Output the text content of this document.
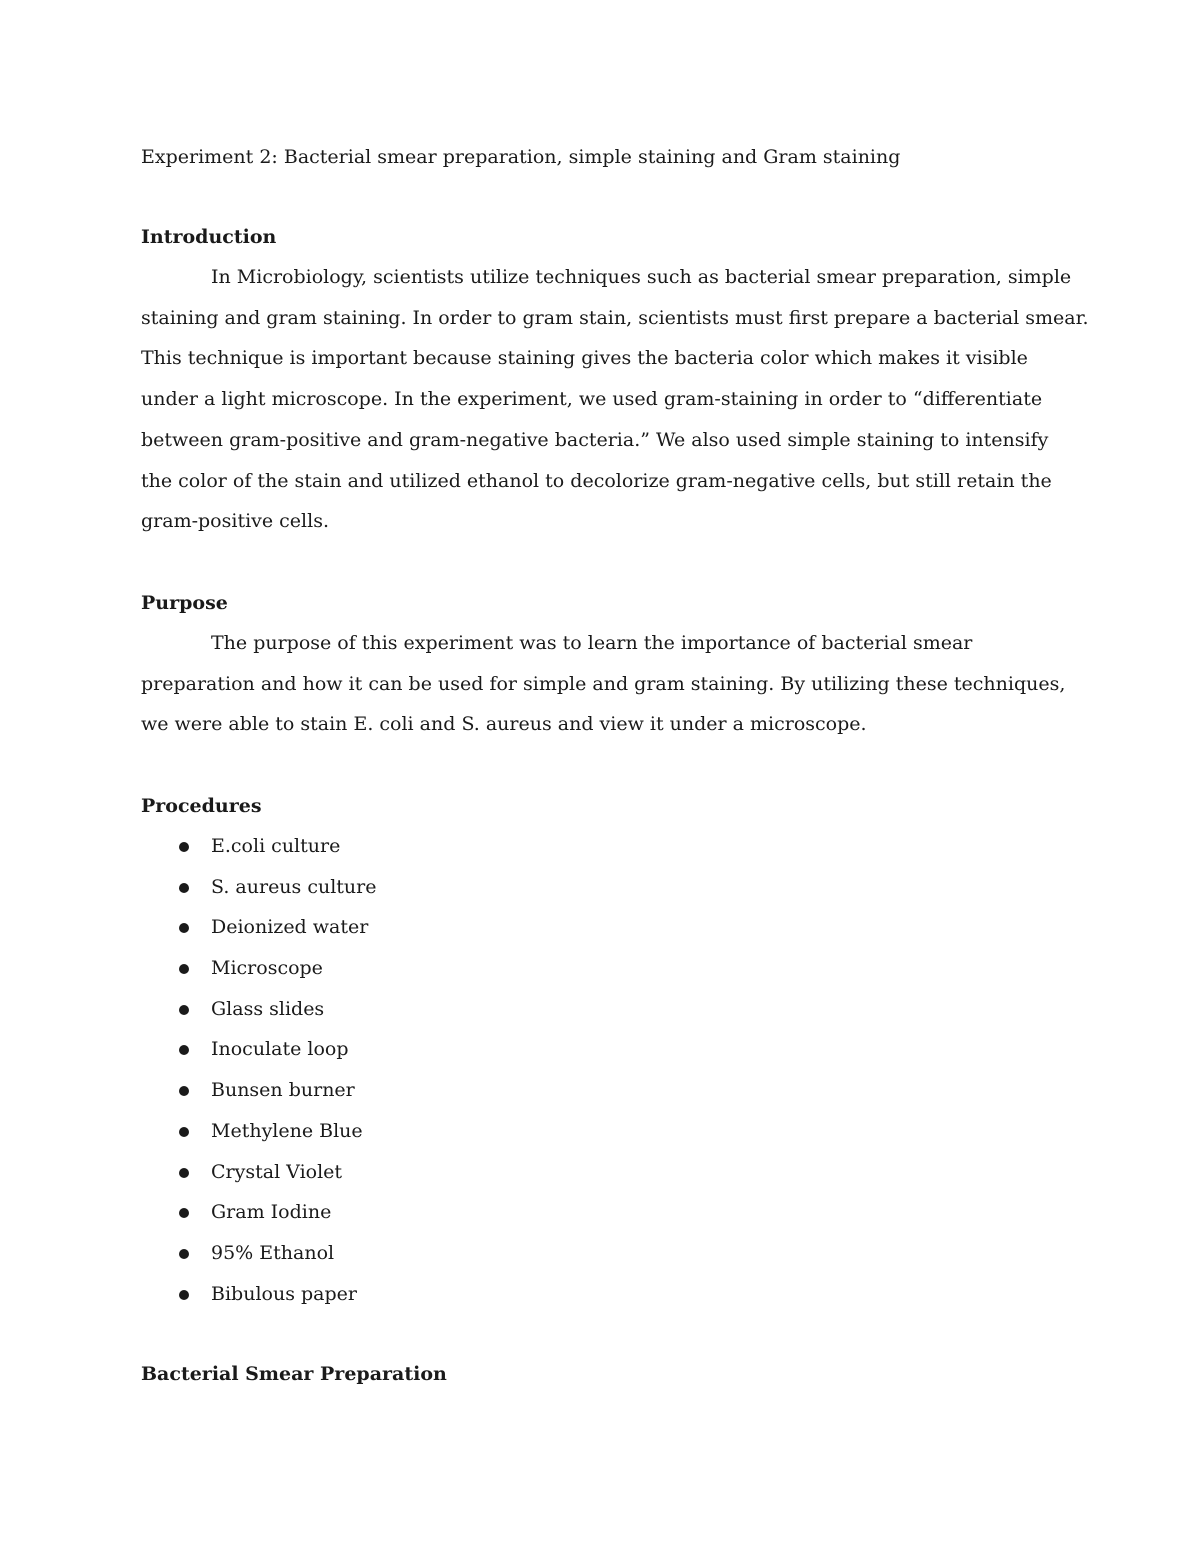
Experiment 2: Bacterial smear preparation, simple staining and Gram staining
Introduction

In Microbiology, scientists utilize techniques such as bacterial smear preparation, simple
staining and gram staining. In order to gram stain, scientists must first prepare a bacterial smear.
This technique is important because staining gives the bacteria color which makes it visible
under a light microscope. In the experiment, we used gram-staining in order to “differentiate
between gram-positive and gram-negative bacteria.” We also used simple staining to intensify
the color of the stain and utilized ethanol to decolorize gram-negative cells, but still retain the
gram-positive cells.

Purpose

The purpose of this experiment was to learn the importance of bacterial smear
preparation and how it can be used for simple and gram staining. By utilizing these techniques,
we were able to stain E. coli and S. aureus and view it under a microscope.

Procedures
E.coli culture
S. aureus culture
Deionized water
Microscope
Glass slides
Inoculate loop
Bunsen burner
Methylene Blue
Crystal Violet
Gram Iodine
95% Ethanol
Bibulous paper
Bacterial Smear Preparation
